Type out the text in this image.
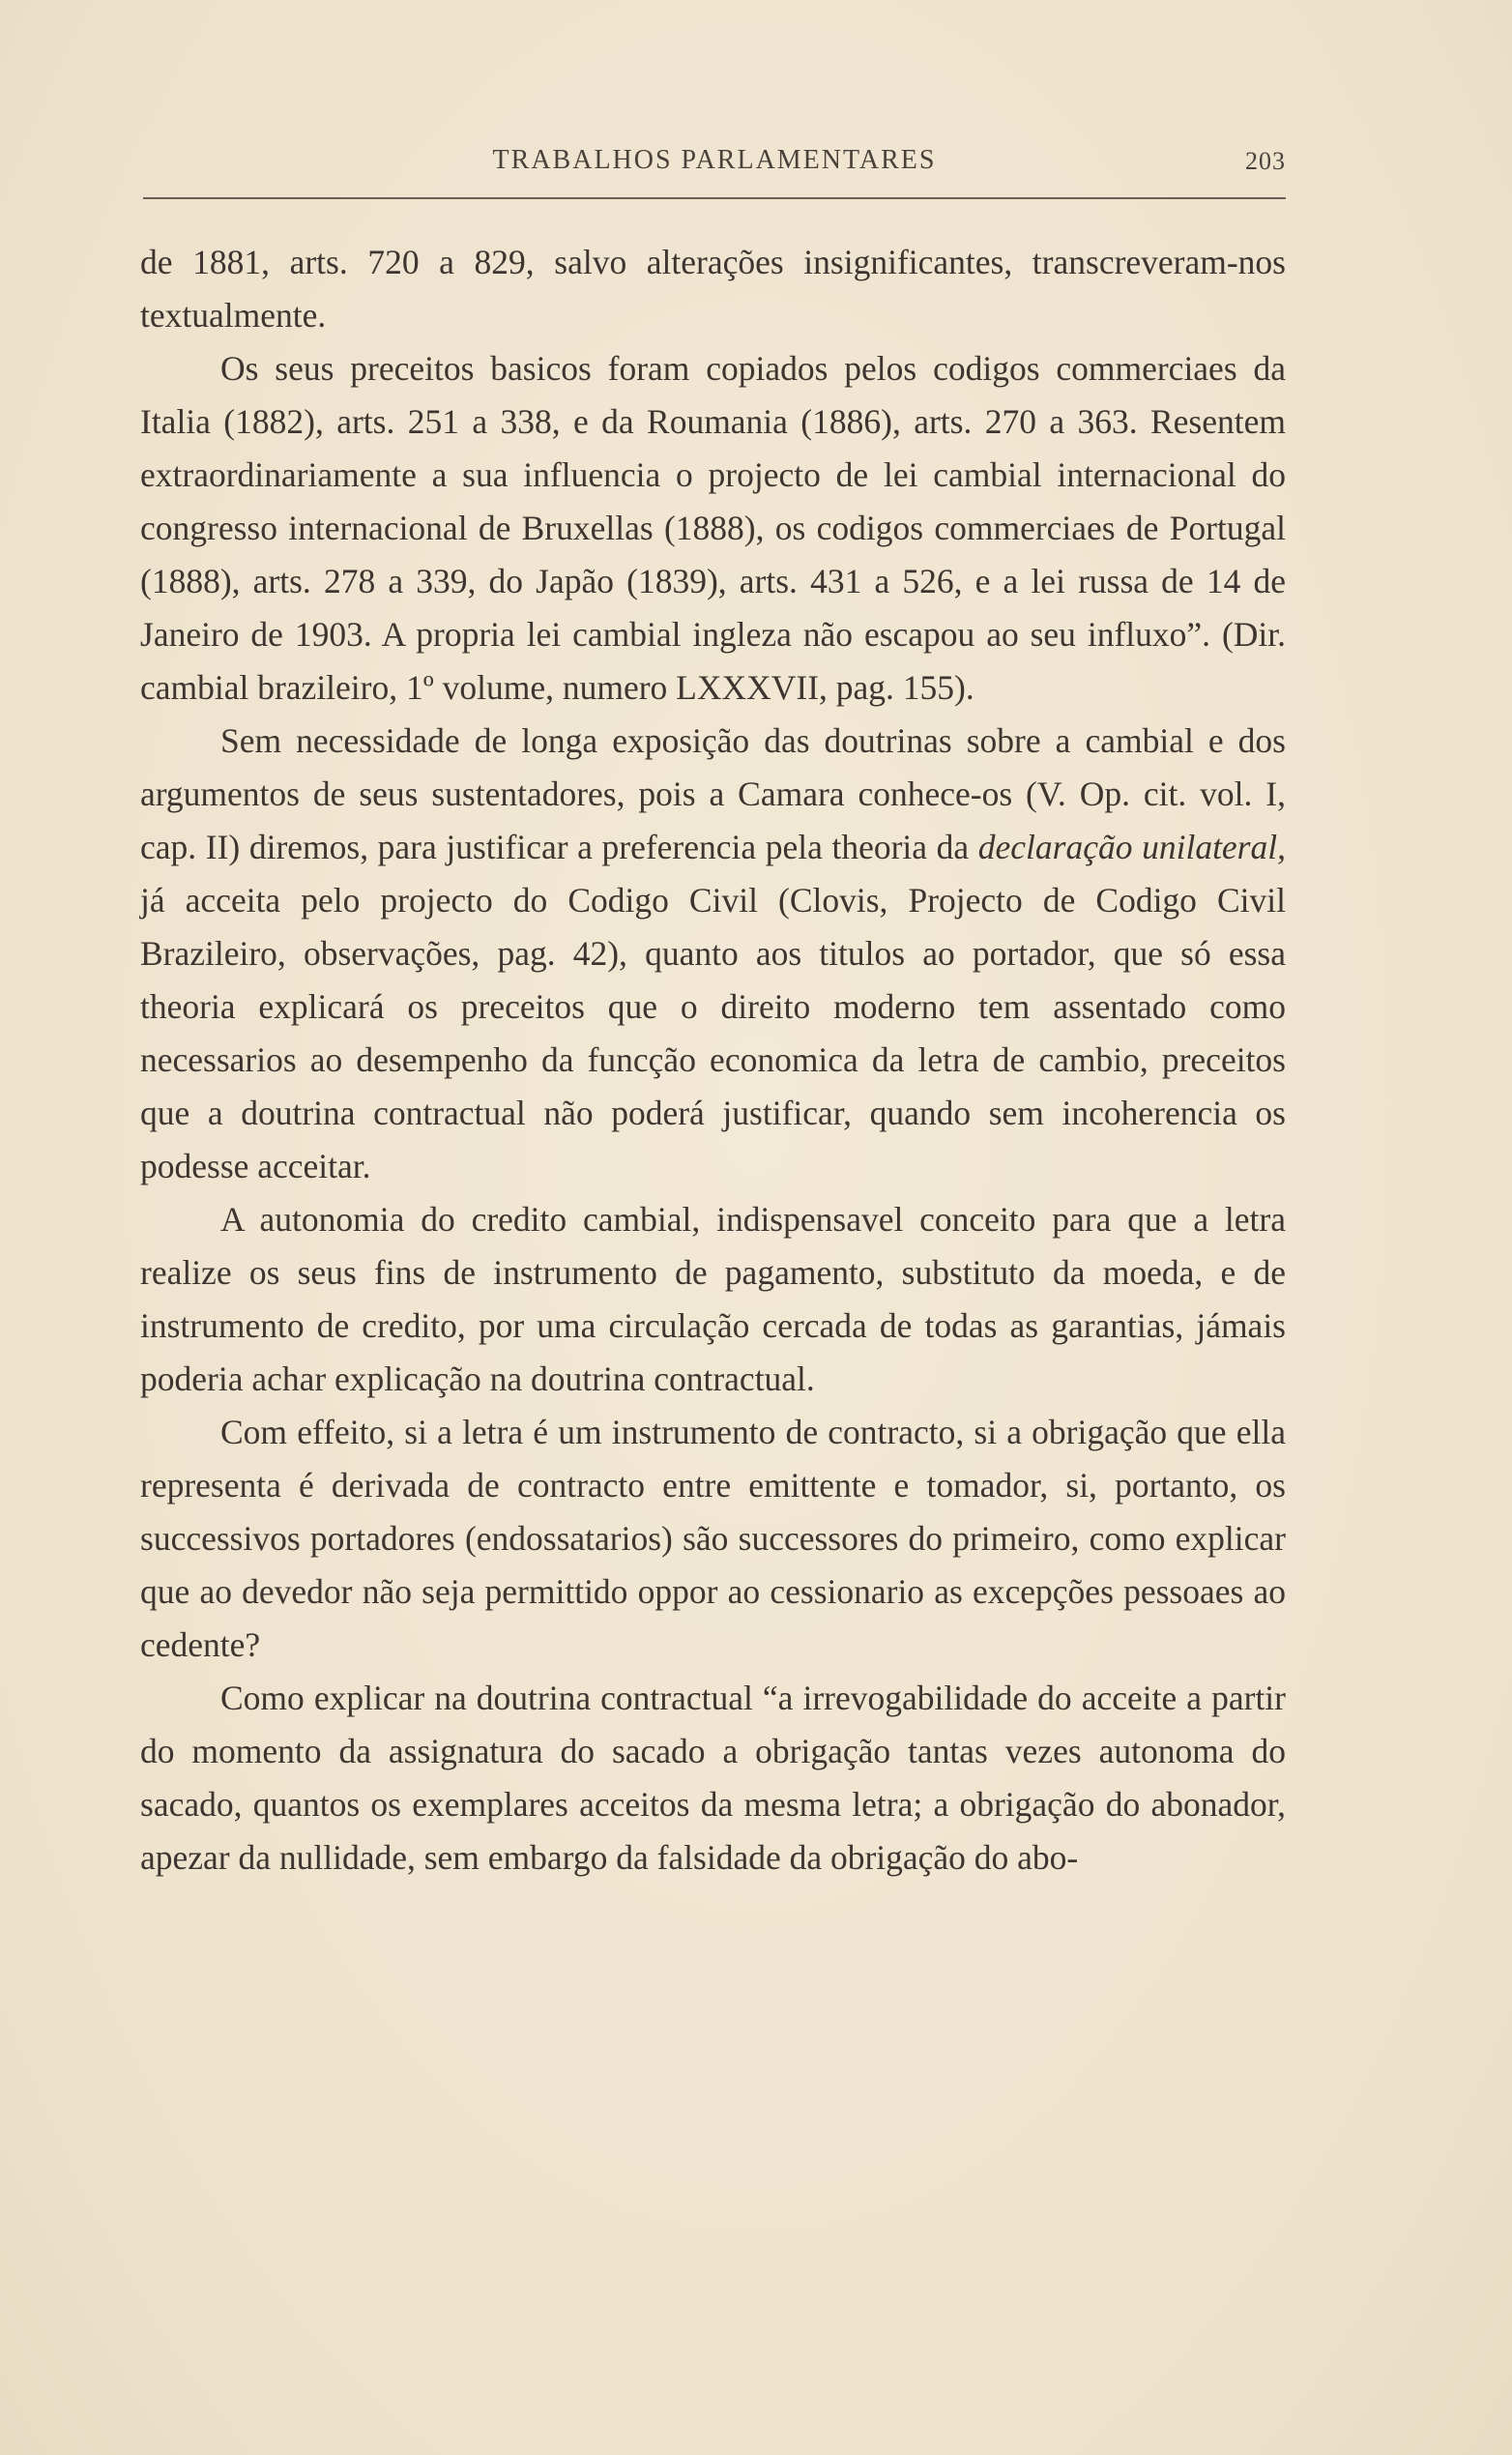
TRABALHOS PARLAMENTARES	203

de 1881, arts. 720 a 829, salvo alterações insignificantes, transcreveram-nos textualmente.

Os seus preceitos basicos foram copiados pelos codigos commerciaes da Italia (1882), arts. 251 a 338, e da Roumania (1886), arts. 270 a 363. Resentem extraordinariamente a sua influencia o projecto de lei cambial internacional do congresso internacional de Bruxellas (1888), os codigos commerciaes de Portugal (1888), arts. 278 a 339, do Japão (1839), arts. 431 a 526, e a lei russa de 14 de Janeiro de 1903. A propria lei cambial ingleza não escapou ao seu influxo”. (Dir. cambial brazileiro, 1º volume, numero LXXXVII, pag. 155).

Sem necessidade de longa exposição das doutrinas sobre a cambial e dos argumentos de seus sustentadores, pois a Camara conhece-os (V. Op. cit. vol. I, cap. II) diremos, para justificar a preferencia pela theoria da declaração unilateral, já acceita pelo projecto do Codigo Civil (Clovis, Projecto de Codigo Civil Brazileiro, observações, pag. 42), quanto aos titulos ao portador, que só essa theoria explicará os preceitos que o direito moderno tem assentado como necessarios ao desempenho da funcção economica da letra de cambio, preceitos que a doutrina contractual não poderá justificar, quando sem incoherencia os podesse acceitar.

A autonomia do credito cambial, indispensavel conceito para que a letra realize os seus fins de instrumento de pagamento, substituto da moeda, e de instrumento de credito, por uma circulação cercada de todas as garantias, jámais poderia achar explicação na doutrina contractual.

Com effeito, si a letra é um instrumento de contracto, si a obrigação que ella representa é derivada de contracto entre emittente e tomador, si, portanto, os successivos portadores (endossatarios) são successores do primeiro, como explicar que ao devedor não seja permittido oppor ao cessionario as excepções pessoaes ao cedente?

Como explicar na doutrina contractual “a irrevogabilidade do acceite a partir do momento da assignatura do sacado a obrigação tantas vezes autonoma do sacado, quantos os exemplares acceitos da mesma letra; a obrigação do abonador, apezar da nullidade, sem embargo da falsidade da obrigação do abo-
